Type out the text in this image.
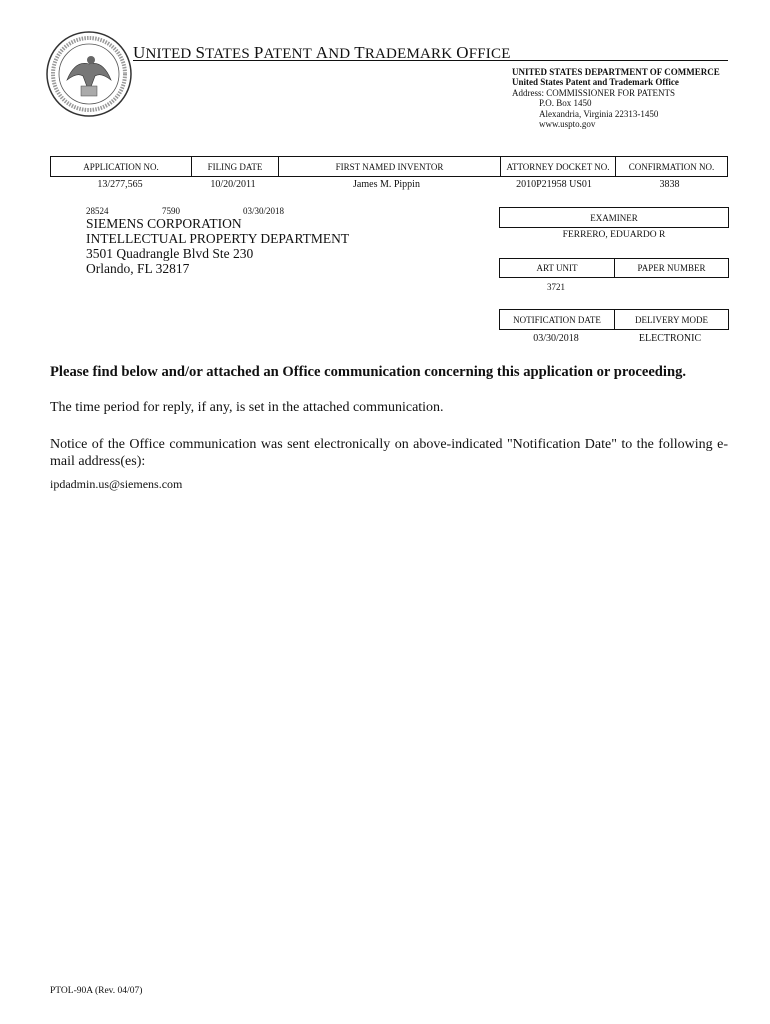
UNITED STATES PATENT AND TRADEMARK OFFICE
UNITED STATES DEPARTMENT OF COMMERCE
United States Patent and Trademark Office
Address: COMMISSIONER FOR PATENTS
P.O. Box 1450
Alexandria, Virginia 22313-1450
www.uspto.gov
APPLICATION NO.	FILING DATE	FIRST NAMED INVENTOR	ATTORNEY DOCKET NO.	CONFIRMATION NO.
13/277,565	10/20/2011	James M. Pippin	2010P21958 US01	3838
28524	7590	03/30/2018
SIEMENS CORPORATION
INTELLECTUAL PROPERTY DEPARTMENT
3501 Quadrangle Blvd Ste 230
Orlando, FL 32817
EXAMINER
FERRERO, EDUARDO R
ART UNIT	PAPER NUMBER
3721
NOTIFICATION DATE	DELIVERY MODE
03/30/2018	ELECTRONIC
Please find below and/or attached an Office communication concerning this application or proceeding.
The time period for reply, if any, is set in the attached communication.
Notice of the Office communication was sent electronically on above-indicated "Notification Date" to the following e-mail address(es):
ipdadmin.us@siemens.com
PTOL-90A (Rev. 04/07)
